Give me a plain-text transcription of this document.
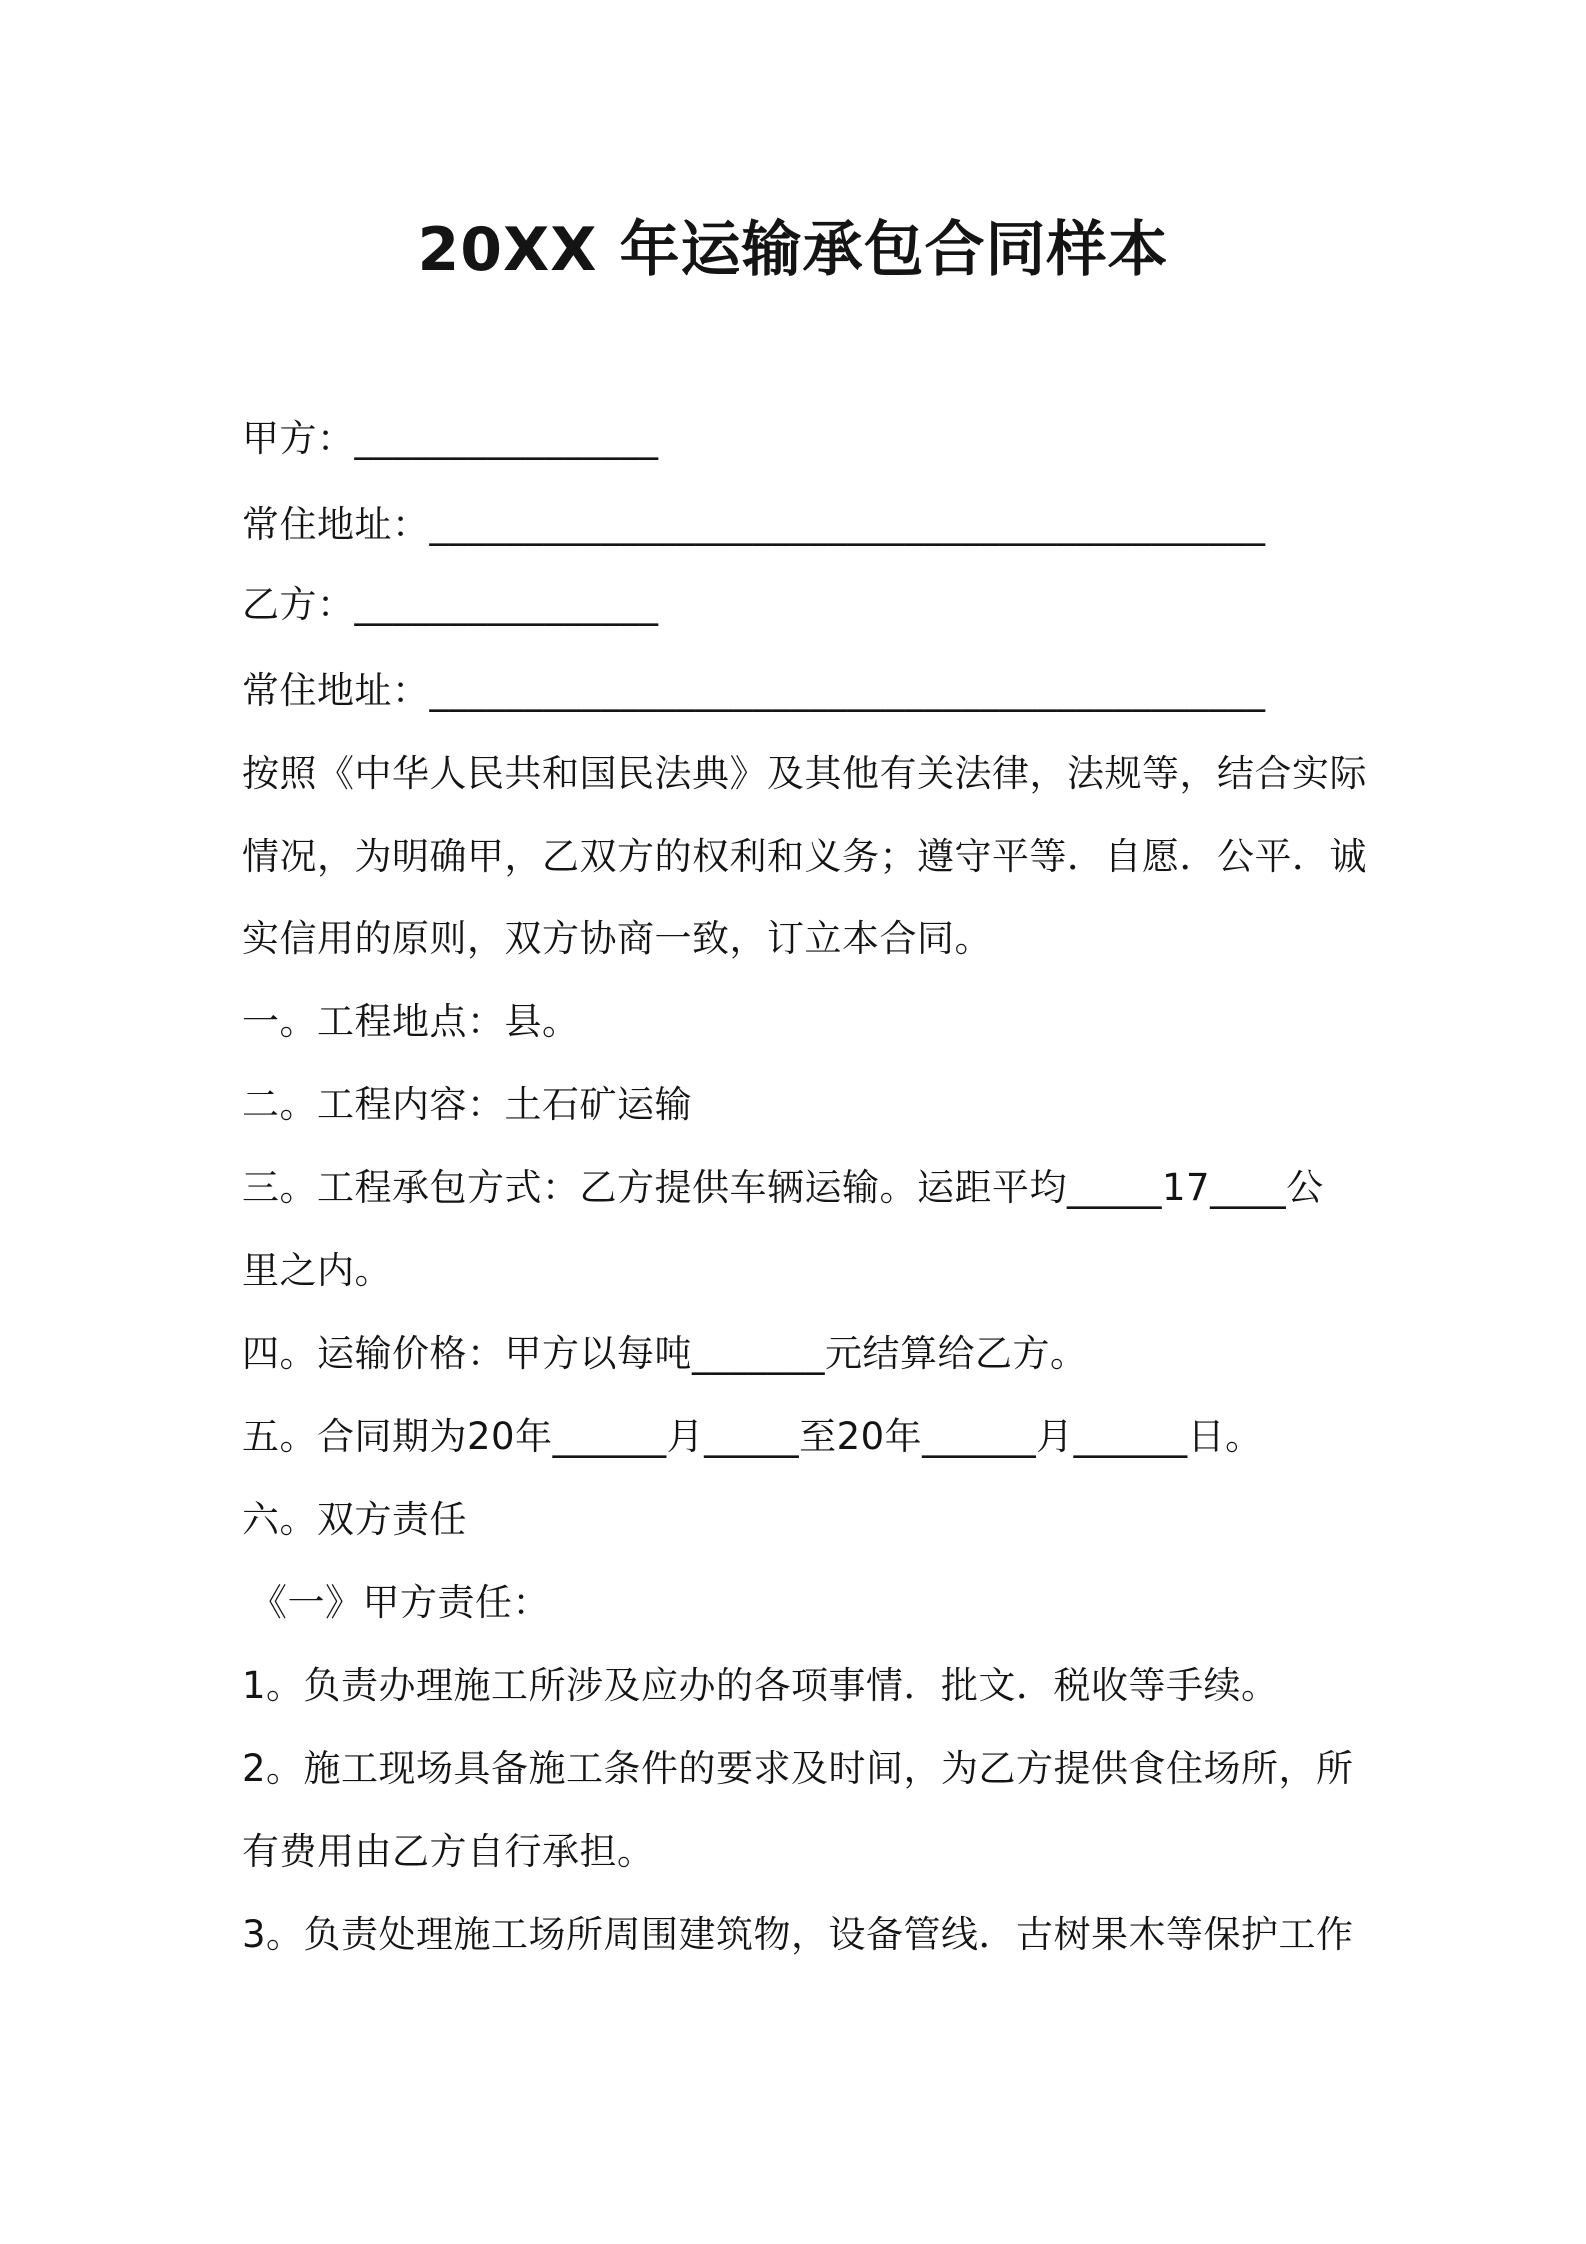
20XX 年运输承包合同样本

甲方：________________

常住地址：____________________________________________

乙方：________________

常住地址：____________________________________________

按照《中华人民共和国民法典》及其他有关法律，法规等，结合实际

情况，为明确甲，乙双方的权利和义务；遵守平等．自愿．公平．诚

实信用的原则，双方协商一致，订立本合同。

一。工程地点：县。

二。工程内容：土石矿运输

三。工程承包方式：乙方提供车辆运输。运距平均_____17____公

里之内。

四。运输价格：甲方以每吨_______元结算给乙方。

五。合同期为20年______月_____至20年______月______日。

六。双方责任

《一》甲方责任：

1。负责办理施工所涉及应办的各项事情．批文．税收等手续。

2。施工现场具备施工条件的要求及时间，为乙方提供食住场所，所

有费用由乙方自行承担。

3。负责处理施工场所周围建筑物，设备管线．古树果木等保护工作
